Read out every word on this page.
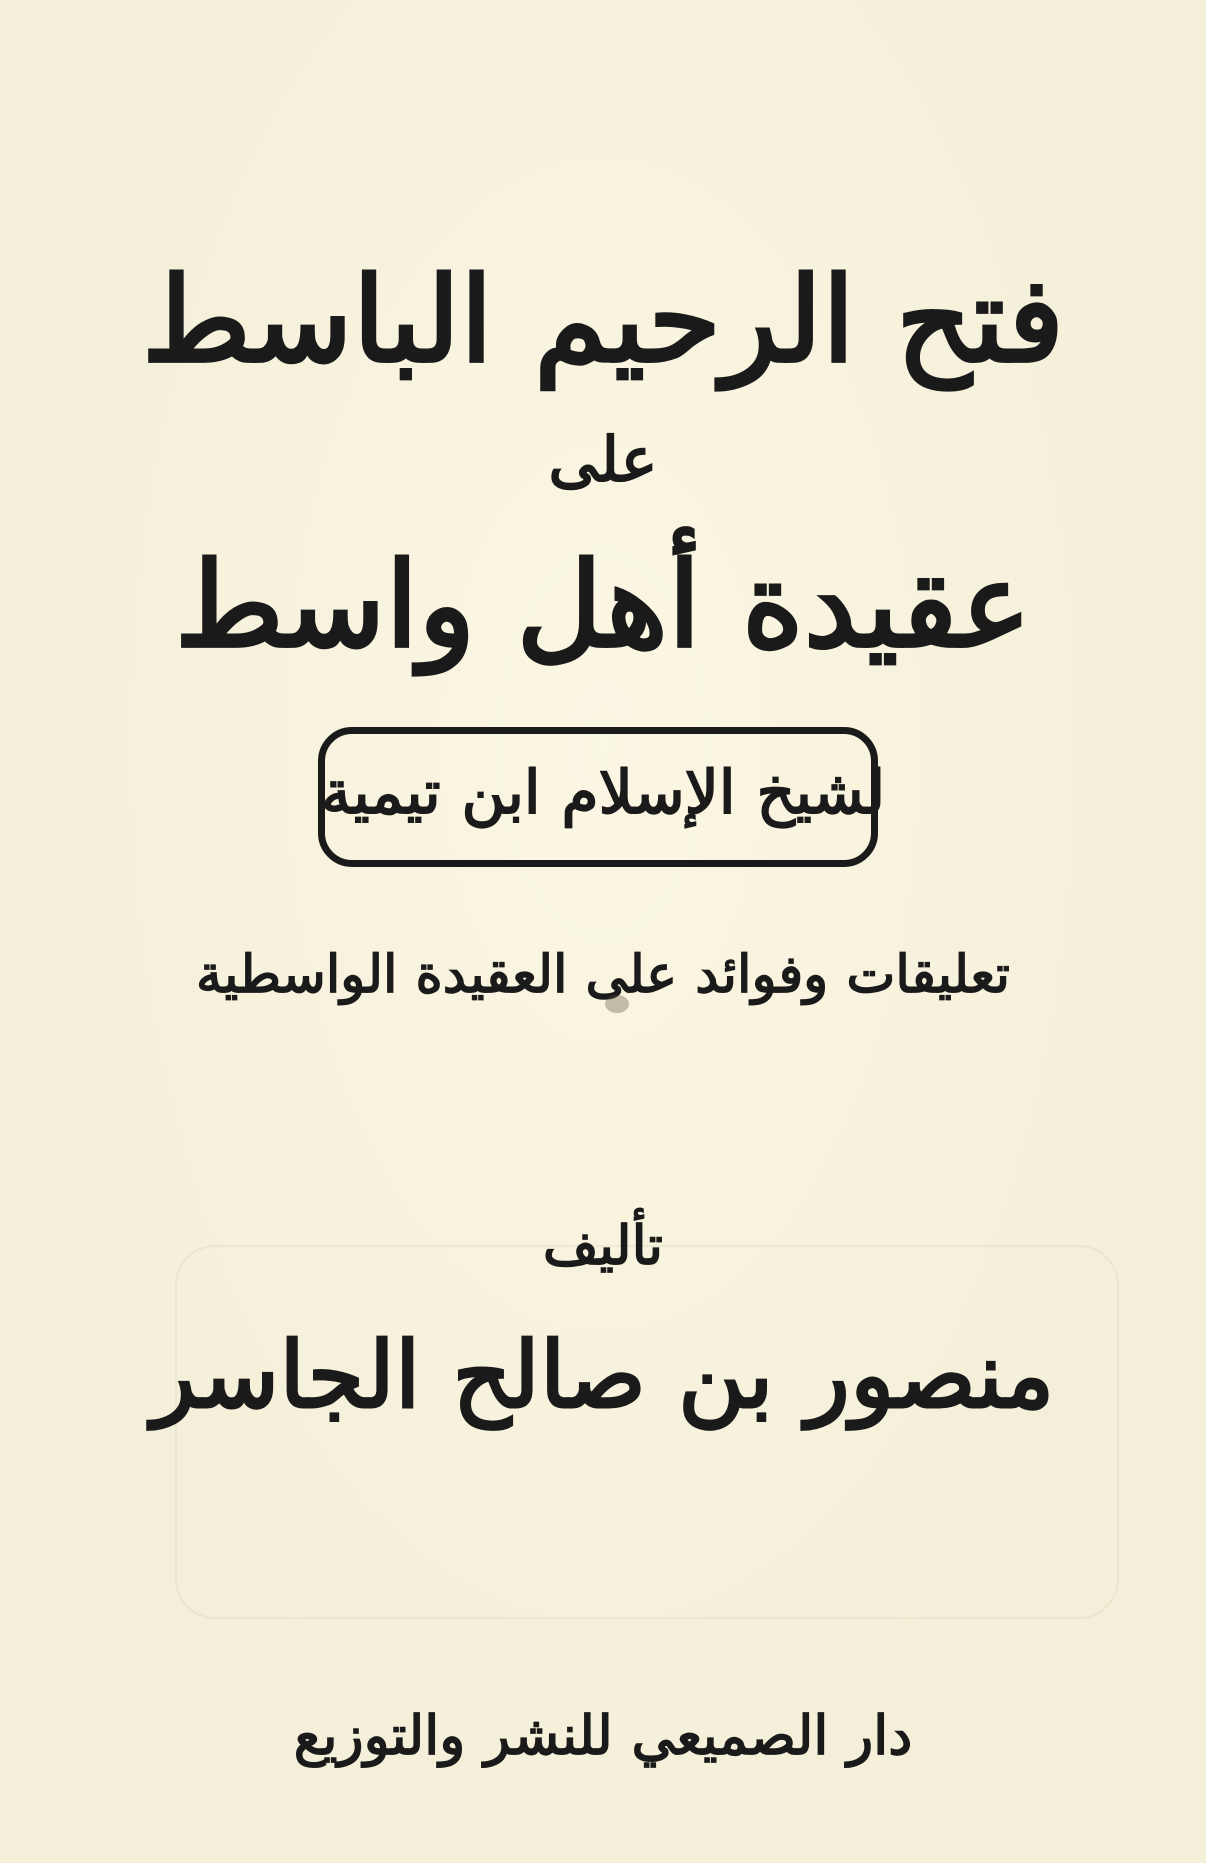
فتح الرحيم الباسط
على
عقيدة أهل واسط
لشيخ الإسلام ابن تيمية
تعليقات وفوائد على العقيدة الواسطية
تأليف
منصور بن صالح الجاسر
دار الصميعي للنشر والتوزيع
